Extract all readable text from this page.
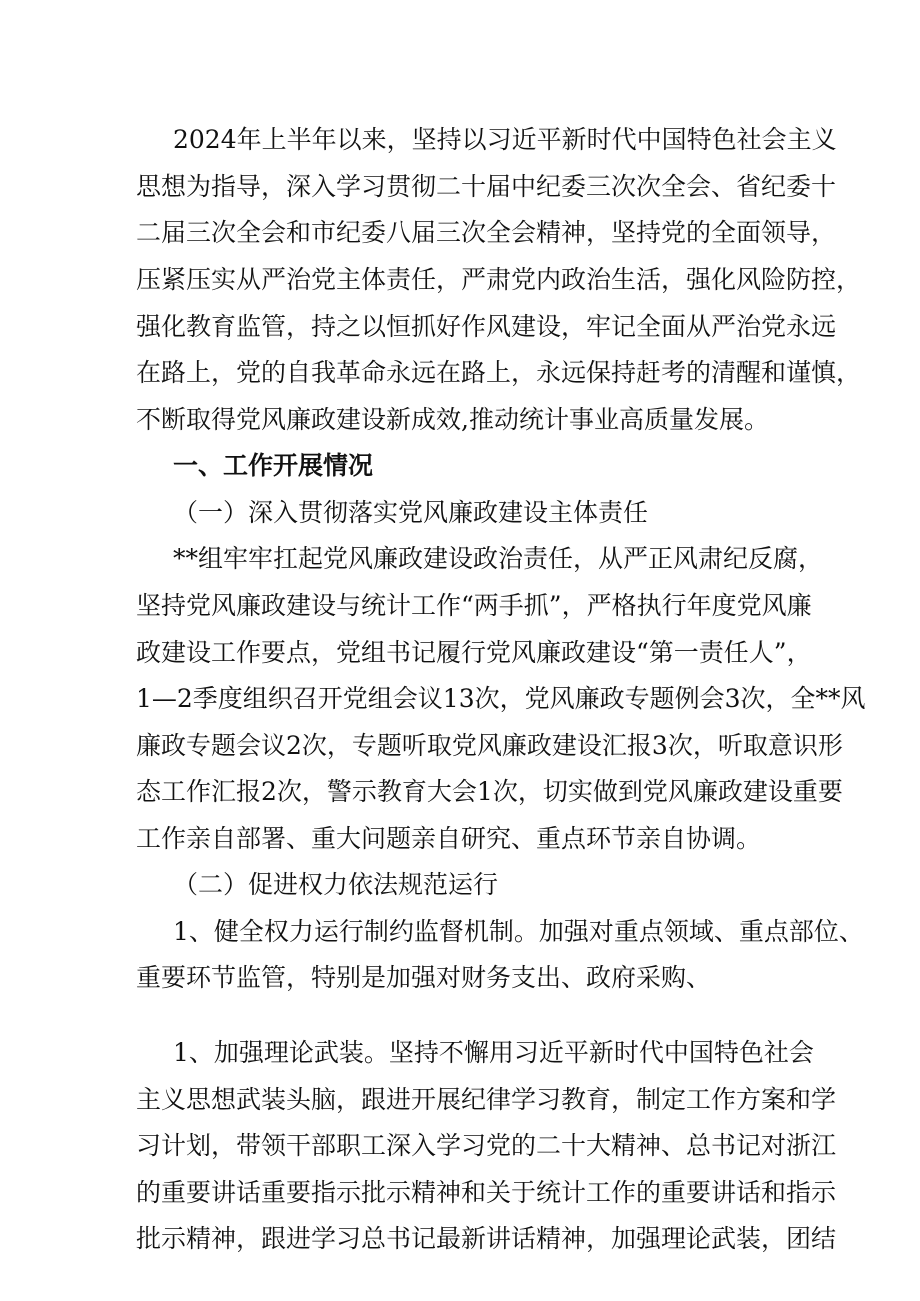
2024年上半年以来，坚持以习近平新时代中国特色社会主义
思想为指导，深入学习贯彻二十届中纪委三次次全会、省纪委十
二届三次全会和市纪委八届三次全会精神，坚持党的全面领导，
压紧压实从严治党主体责任，严肃党内政治生活，强化风险防控，
强化教育监管，持之以恒抓好作风建设，牢记全面从严治党永远
在路上，党的自我革命永远在路上，永远保持赶考的清醒和谨慎，
不断取得党风廉政建设新成效,推动统计事业高质量发展。
一、工作开展情况
（一）深入贯彻落实党风廉政建设主体责任
**组牢牢扛起党风廉政建设政治责任，从严正风肃纪反腐，
坚持党风廉政建设与统计工作“两手抓”，严格执行年度党风廉
政建设工作要点，党组书记履行党风廉政建设“第一责任人”，
1—2季度组织召开党组会议13次，党风廉政专题例会3次，全**风
廉政专题会议2次，专题听取党风廉政建设汇报3次，听取意识形
态工作汇报2次，警示教育大会1次，切实做到党风廉政建设重要
工作亲自部署、重大问题亲自研究、重点环节亲自协调。
（二）促进权力依法规范运行
1、健全权力运行制约监督机制。加强对重点领域、重点部位、
重要环节监管，特别是加强对财务支出、政府采购、
1、加强理论武装。坚持不懈用习近平新时代中国特色社会
主义思想武装头脑，跟进开展纪律学习教育，制定工作方案和学
习计划，带领干部职工深入学习党的二十大精神、总书记对浙江
的重要讲话重要指示批示精神和关于统计工作的重要讲话和指示
批示精神，跟进学习总书记最新讲话精神，加强理论武装，团结
